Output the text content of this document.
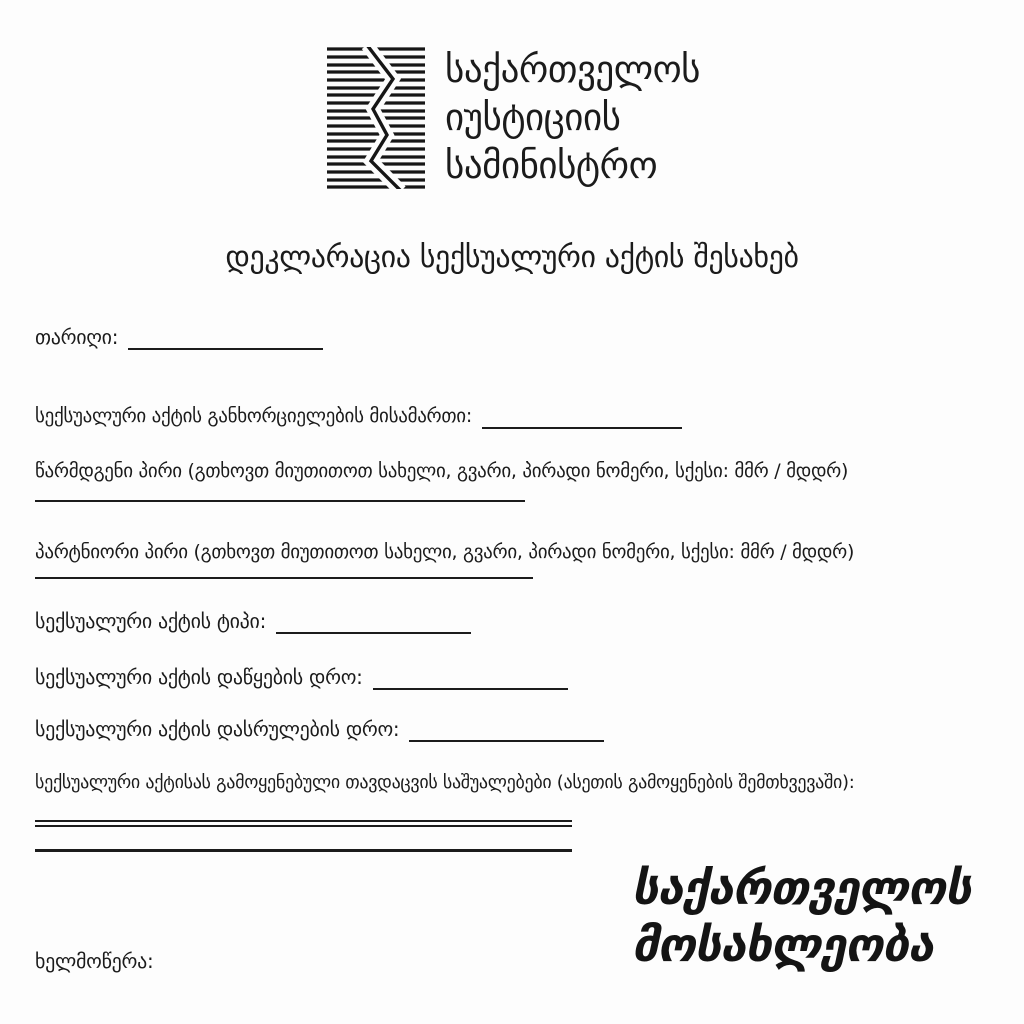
საქართველოს
იუსტიციის
სამინისტრო
დეკლარაცია სექსუალური აქტის შესახებ
თარიღი:
სექსუალური აქტის განხორციელების მისამართი:
წარმდგენი პირი (გთხოვთ მიუთითოთ სახელი, გვარი, პირადი ნომერი, სქესი: მმრ / მდდრ)
პარტნიორი პირი (გთხოვთ მიუთითოთ სახელი, გვარი, პირადი ნომერი, სქესი: მმრ / მდდრ)
სექსუალური აქტის ტიპი:
სექსუალური აქტის დაწყების დრო:
სექსუალური აქტის დასრულების დრო:
სექსუალური აქტისას გამოყენებული თავდაცვის საშუალებები (ასეთის გამოყენების შემთხვევაში):
საქართველოს
მოსახლეობა
ხელმოწერა:
